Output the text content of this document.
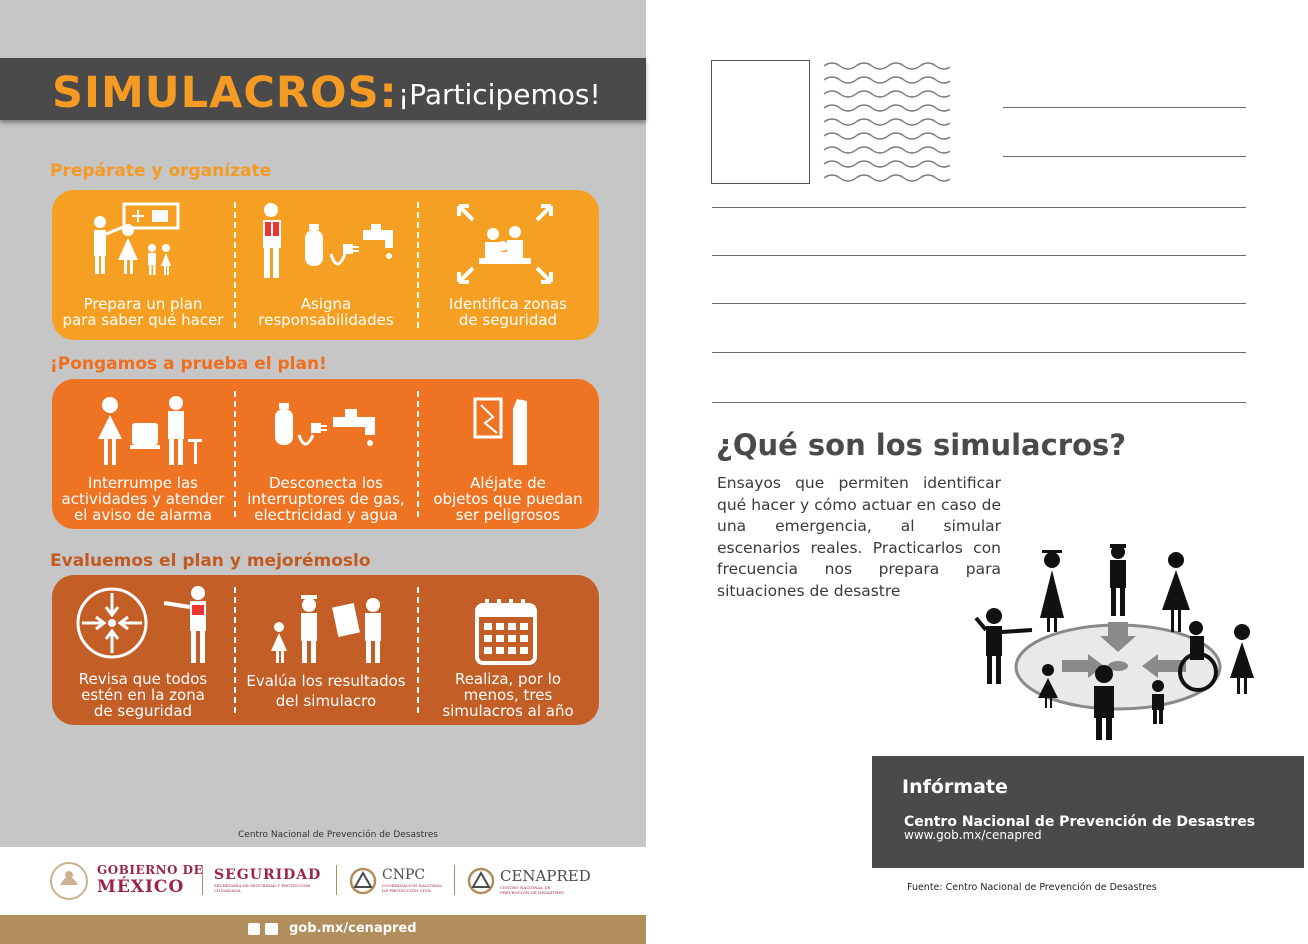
SIMULACROS: ¡Participemos!
Prepárate y organízate
Prepara un plan
para saber qué hacer
Asigna
responsabilidades
Identifica zonas
de seguridad
¡Pongamos a prueba el plan!
Interrumpe las
actividades y atender
el aviso de alarma
Desconecta los
interruptores de gas,
electricidad y agua
Aléjate de
objetos que puedan
ser peligrosos
Evaluemos el plan y mejorémoslo
Revisa que todos
estén en la zona
de seguridad
Evalúa los resultados
del simulacro
Realiza, por lo
menos, tres
simulacros al año
Centro Nacional de Prevención de Desastres
GOBIERNO DE
MÉXICO
SEGURIDAD
SECRETARÍA DE SEGURIDAD Y PROTECCIÓN CIUDADANA
CNPC
COORDINACIÓN NACIONAL DE PROTECCIÓN CIVIL
CENAPRED
CENTRO NACIONAL DE PREVENCIÓN DE DESASTRES
gob.mx/cenapred
¿Qué son los simulacros?
Ensayos que permiten identificar qué hacer y cómo actuar en caso de una emergencia, al simular escenarios reales. Practicarlos con frecuencia nos prepara para situaciones de desastre
Infórmate
Centro Nacional de Prevención de Desastres
www.gob.mx/cenapred
Fuente: Centro Nacional de Prevención de Desastres
